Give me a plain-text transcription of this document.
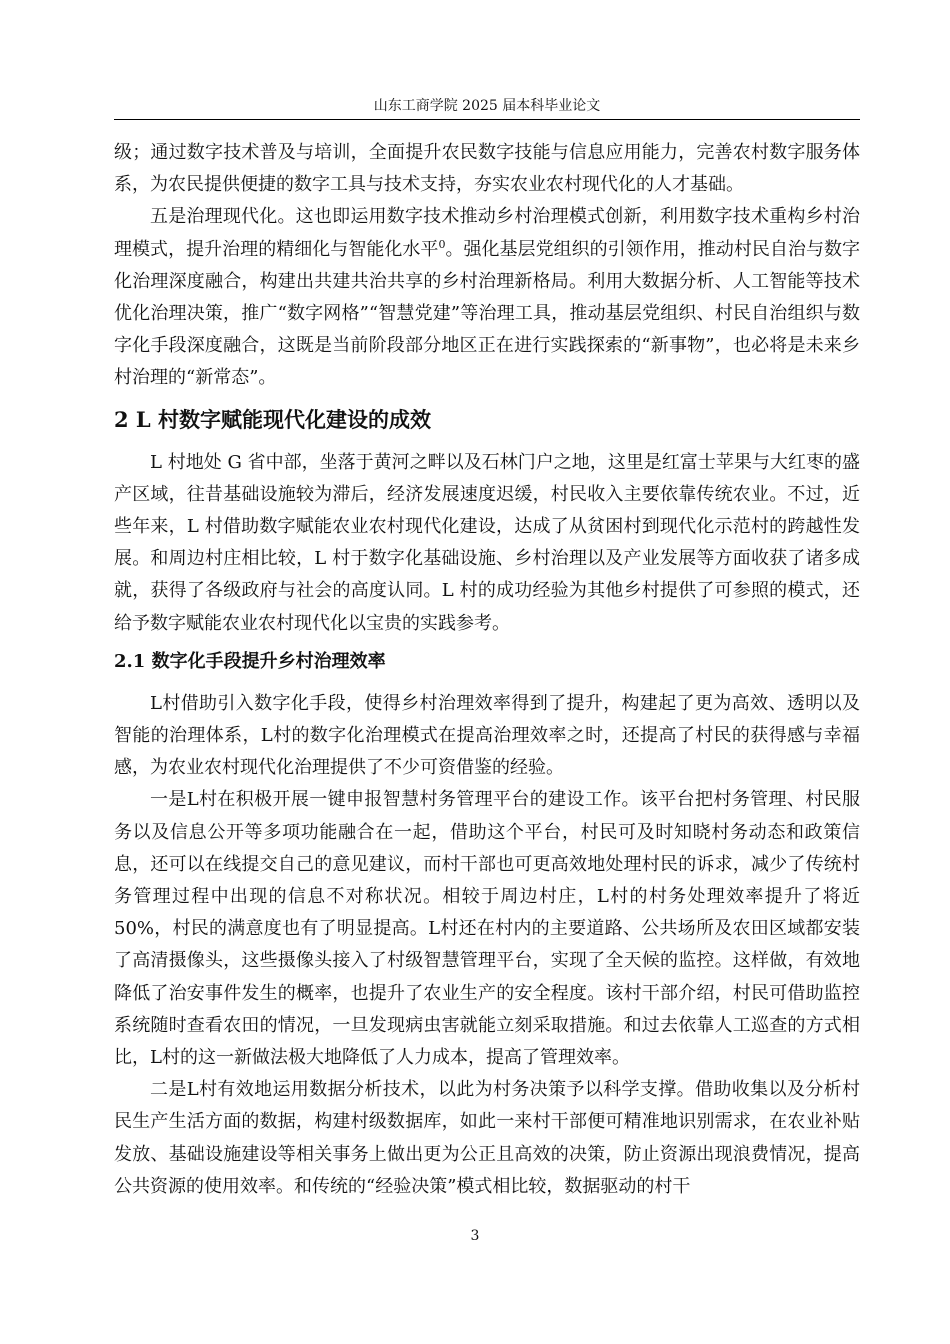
山东工商学院 2025 届本科毕业论文

级；通过数字技术普及与培训，全面提升农民数字技能与信息应用能力，完善农村数字服务体系，为农民提供便捷的数字工具与技术支持，夯实农业农村现代化的人才基础。

五是治理现代化。这也即运用数字技术推动乡村治理模式创新，利用数字技术重构乡村治理模式，提升治理的精细化与智能化水平$^0$。强化基层党组织的引领作用，推动村民自治与数字化治理深度融合，构建出共建共治共享的乡村治理新格局。利用大数据分析、人工智能等技术优化治理决策，推广“数字网格”“智慧党建”等治理工具，推动基层党组织、村民自治组织与数字化手段深度融合，这既是当前阶段部分地区正在进行实践探索的“新事物”，也必将是未来乡村治理的“新常态”。

2 L 村数字赋能现代化建设的成效

L 村地处 G 省中部，坐落于黄河之畔以及石林门户之地，这里是红富士苹果与大红枣的盛产区域，往昔基础设施较为滞后，经济发展速度迟缓，村民收入主要依靠传统农业。不过，近些年来，L 村借助数字赋能农业农村现代化建设，达成了从贫困村到现代化示范村的跨越性发展。和周边村庄相比较，L 村于数字化基础设施、乡村治理以及产业发展等方面收获了诸多成就，获得了各级政府与社会的高度认同。L 村的成功经验为其他乡村提供了可参照的模式，还给予数字赋能农业农村现代化以宝贵的实践参考。

2.1 数字化手段提升乡村治理效率

L村借助引入数字化手段，使得乡村治理效率得到了提升，构建起了更为高效、透明以及智能的治理体系，L村的数字化治理模式在提高治理效率之时，还提高了村民的获得感与幸福感，为农业农村现代化治理提供了不少可资借鉴的经验。

一是L村在积极开展一键申报智慧村务管理平台的建设工作。该平台把村务管理、村民服务以及信息公开等多项功能融合在一起，借助这个平台，村民可及时知晓村务动态和政策信息，还可以在线提交自己的意见建议，而村干部也可更高效地处理村民的诉求，减少了传统村务管理过程中出现的信息不对称状况。相较于周边村庄，L村的村务处理效率提升了将近50%，村民的满意度也有了明显提高。L村还在村内的主要道路、公共场所及农田区域都安装了高清摄像头，这些摄像头接入了村级智慧管理平台，实现了全天候的监控。这样做，有效地降低了治安事件发生的概率，也提升了农业生产的安全程度。该村干部介绍，村民可借助监控系统随时查看农田的情况，一旦发现病虫害就能立刻采取措施。和过去依靠人工巡查的方式相比，L村的这一新做法极大地降低了人力成本，提高了管理效率。

二是L村有效地运用数据分析技术，以此为村务决策予以科学支撑。借助收集以及分析村民生产生活方面的数据，构建村级数据库，如此一来村干部便可精准地识别需求，在农业补贴发放、基础设施建设等相关事务上做出更为公正且高效的决策，防止资源出现浪费情况，提高公共资源的使用效率。和传统的“经验决策”模式相比较，数据驱动的村干

3
